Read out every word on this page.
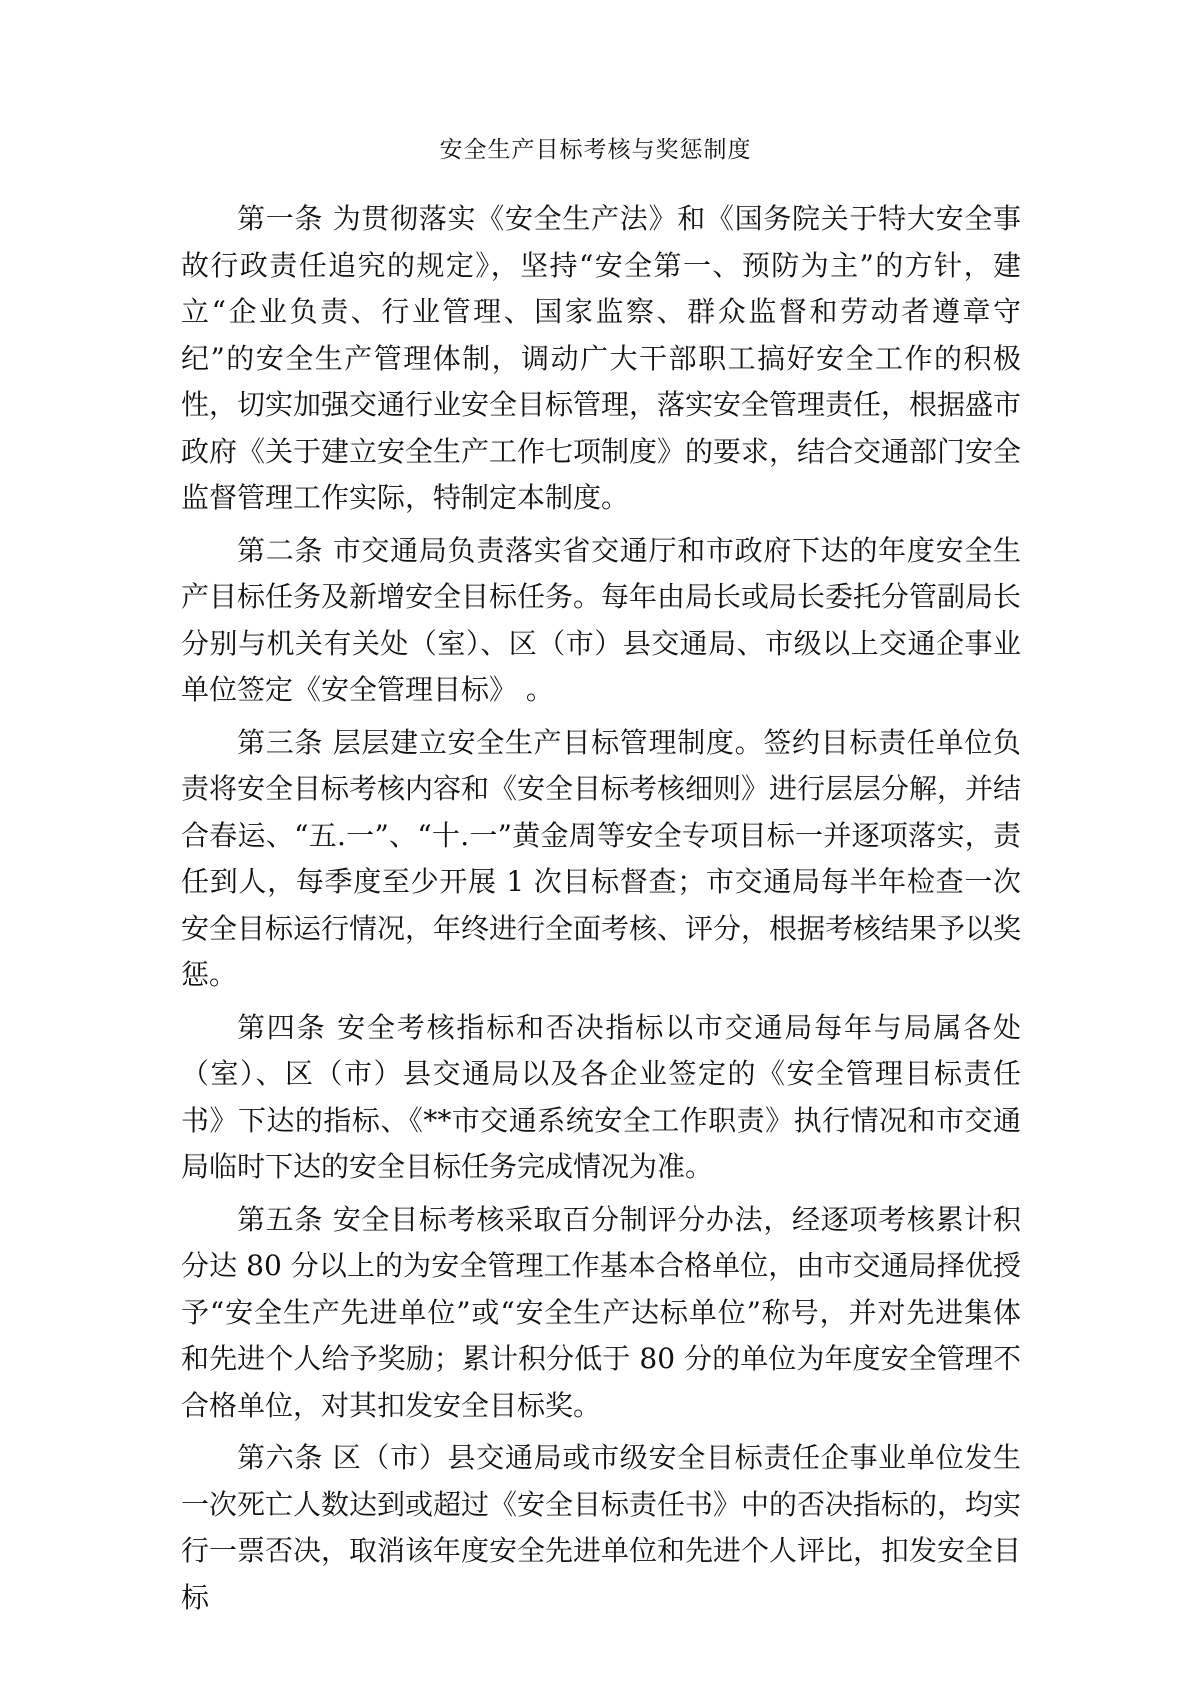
安全生产目标考核与奖惩制度

第一条 为贯彻落实《安全生产法》和《国务院关于特大安全事故行政责任追究的规定》，坚持“安全第一、预防为主”的方针，建立“企业负责、行业管理、国家监察、群众监督和劳动者遵章守纪”的安全生产管理体制，调动广大干部职工搞好安全工作的积极性，切实加强交通行业安全目标管理，落实安全管理责任，根据盛市政府《关于建立安全生产工作七项制度》的要求，结合交通部门安全监督管理工作实际，特制定本制度。

第二条 市交通局负责落实省交通厅和市政府下达的年度安全生产目标任务及新增安全目标任务。每年由局长或局长委托分管副局长分别与机关有关处（室）、区（市）县交通局、市级以上交通企事业单位签定《安全管理目标》 。

第三条 层层建立安全生产目标管理制度。签约目标责任单位负责将安全目标考核内容和《安全目标考核细则》进行层层分解，并结合春运、“五.一”、“十.一”黄金周等安全专项目标一并逐项落实，责任到人，每季度至少开展 1 次目标督查；市交通局每半年检查一次安全目标运行情况，年终进行全面考核、评分，根据考核结果予以奖惩。

第四条 安全考核指标和否决指标以市交通局每年与局属各处（室）、区（市）县交通局以及各企业签定的《安全管理目标责任书》下达的指标、《**市交通系统安全工作职责》执行情况和市交通局临时下达的安全目标任务完成情况为准。

第五条 安全目标考核采取百分制评分办法，经逐项考核累计积分达 80 分以上的为安全管理工作基本合格单位，由市交通局择优授予“安全生产先进单位”或“安全生产达标单位”称号，并对先进集体和先进个人给予奖励；累计积分低于 80 分的单位为年度安全管理不合格单位，对其扣发安全目标奖。

第六条 区（市）县交通局或市级安全目标责任企事业单位发生一次死亡人数达到或超过《安全目标责任书》中的否决指标的，均实行一票否决，取消该年度安全先进单位和先进个人评比，扣发安全目标
